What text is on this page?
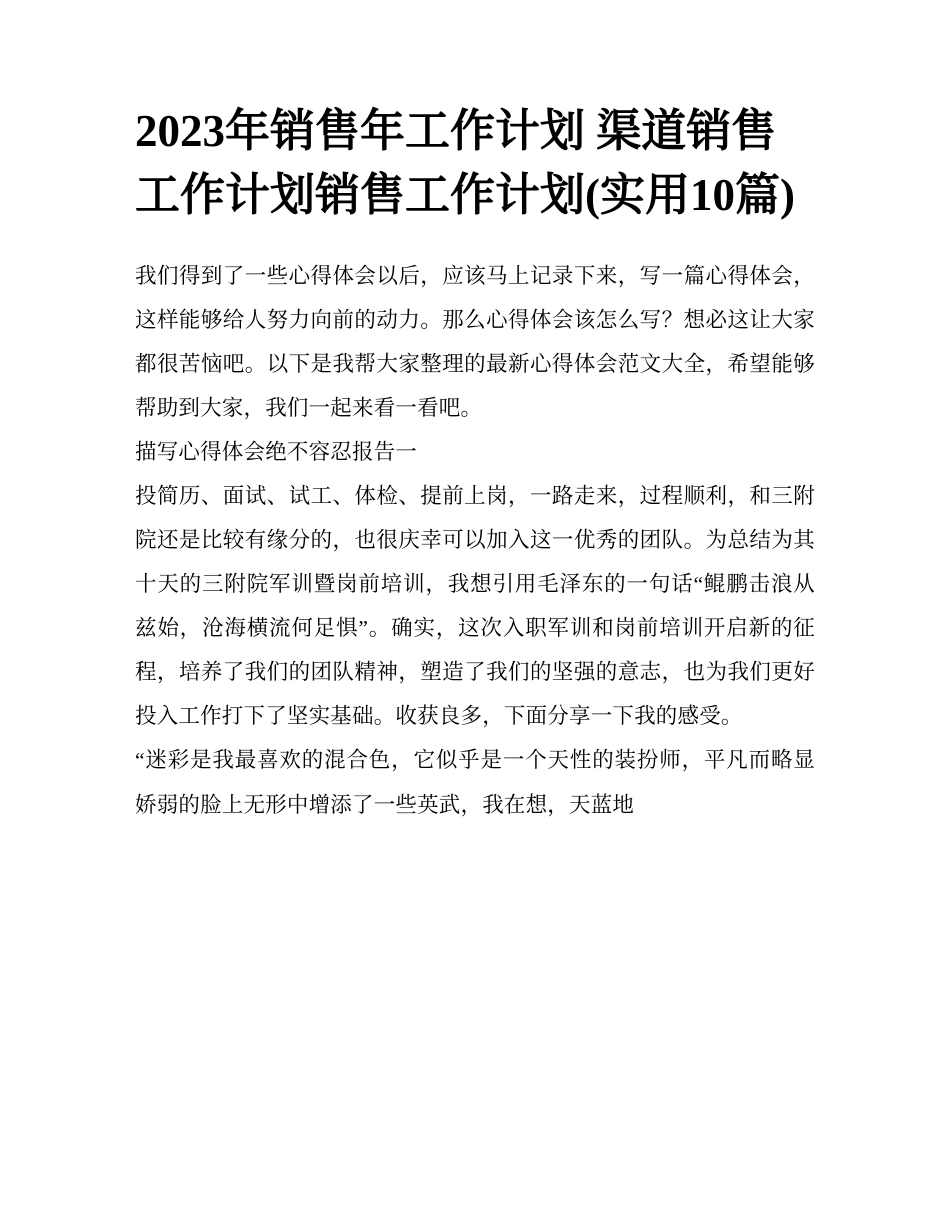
2023年销售年工作计划 渠道销售工作计划销售工作计划(实用10篇)

我们得到了一些心得体会以后，应该马上记录下来，写一篇心得体会，这样能够给人努力向前的动力。那么心得体会该怎么写？想必这让大家都很苦恼吧。以下是我帮大家整理的最新心得体会范文大全，希望能够帮助到大家，我们一起来看一看吧。

描写心得体会绝不容忍报告一

投简历、面试、试工、体检、提前上岗，一路走来，过程顺利，和三附院还是比较有缘分的，也很庆幸可以加入这一优秀的团队。为总结为其十天的三附院军训暨岗前培训，我想引用毛泽东的一句话“鲲鹏击浪从兹始，沧海横流何足惧”。确实，这次入职军训和岗前培训开启新的征程，培养了我们的团队精神，塑造了我们的坚强的意志，也为我们更好投入工作打下了坚实基础。收获良多，下面分享一下我的感受。

“迷彩是我最喜欢的混合色，它似乎是一个天性的装扮师，平凡而略显娇弱的脸上无形中增添了一些英武，我在想，天蓝地
